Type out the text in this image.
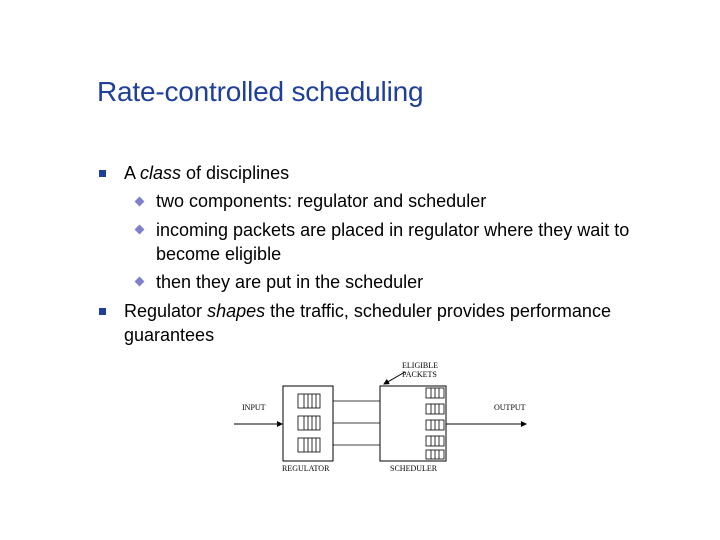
Rate-controlled scheduling
A class of disciplines
two components: regulator and scheduler
incoming packets are placed in regulator where they wait to
become eligible
then they are put in the scheduler
Regulator shapes the traffic, scheduler provides performance
guarantees
INPUT	OUTPUT
ELIGIBLE
PACKETS
REGULATOR	SCHEDULER
